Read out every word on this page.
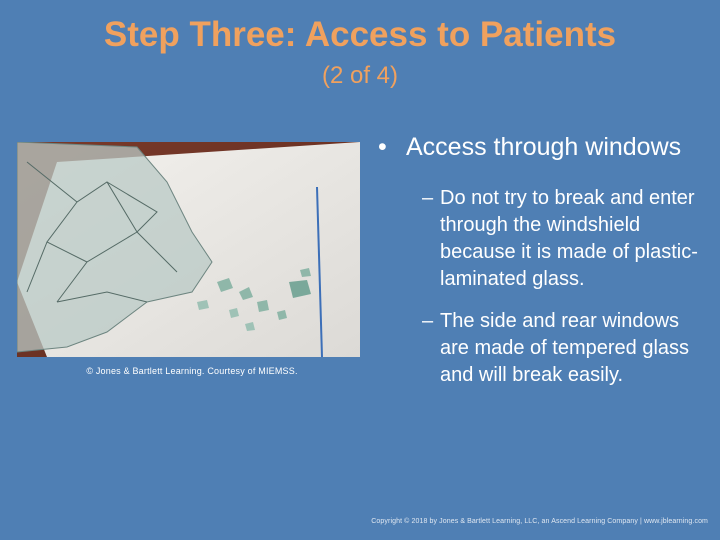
Step Three: Access to Patients
(2 of 4)
© Jones & Bartlett Learning. Courtesy of MIEMSS.
• Access through windows
– Do not try to break and enter through the windshield because it is made of plastic-laminated glass.
– The side and rear windows are made of tempered glass and will break easily.
Copyright © 2018 by Jones & Bartlett Learning, LLC, an Ascend Learning Company | www.jblearning.com
